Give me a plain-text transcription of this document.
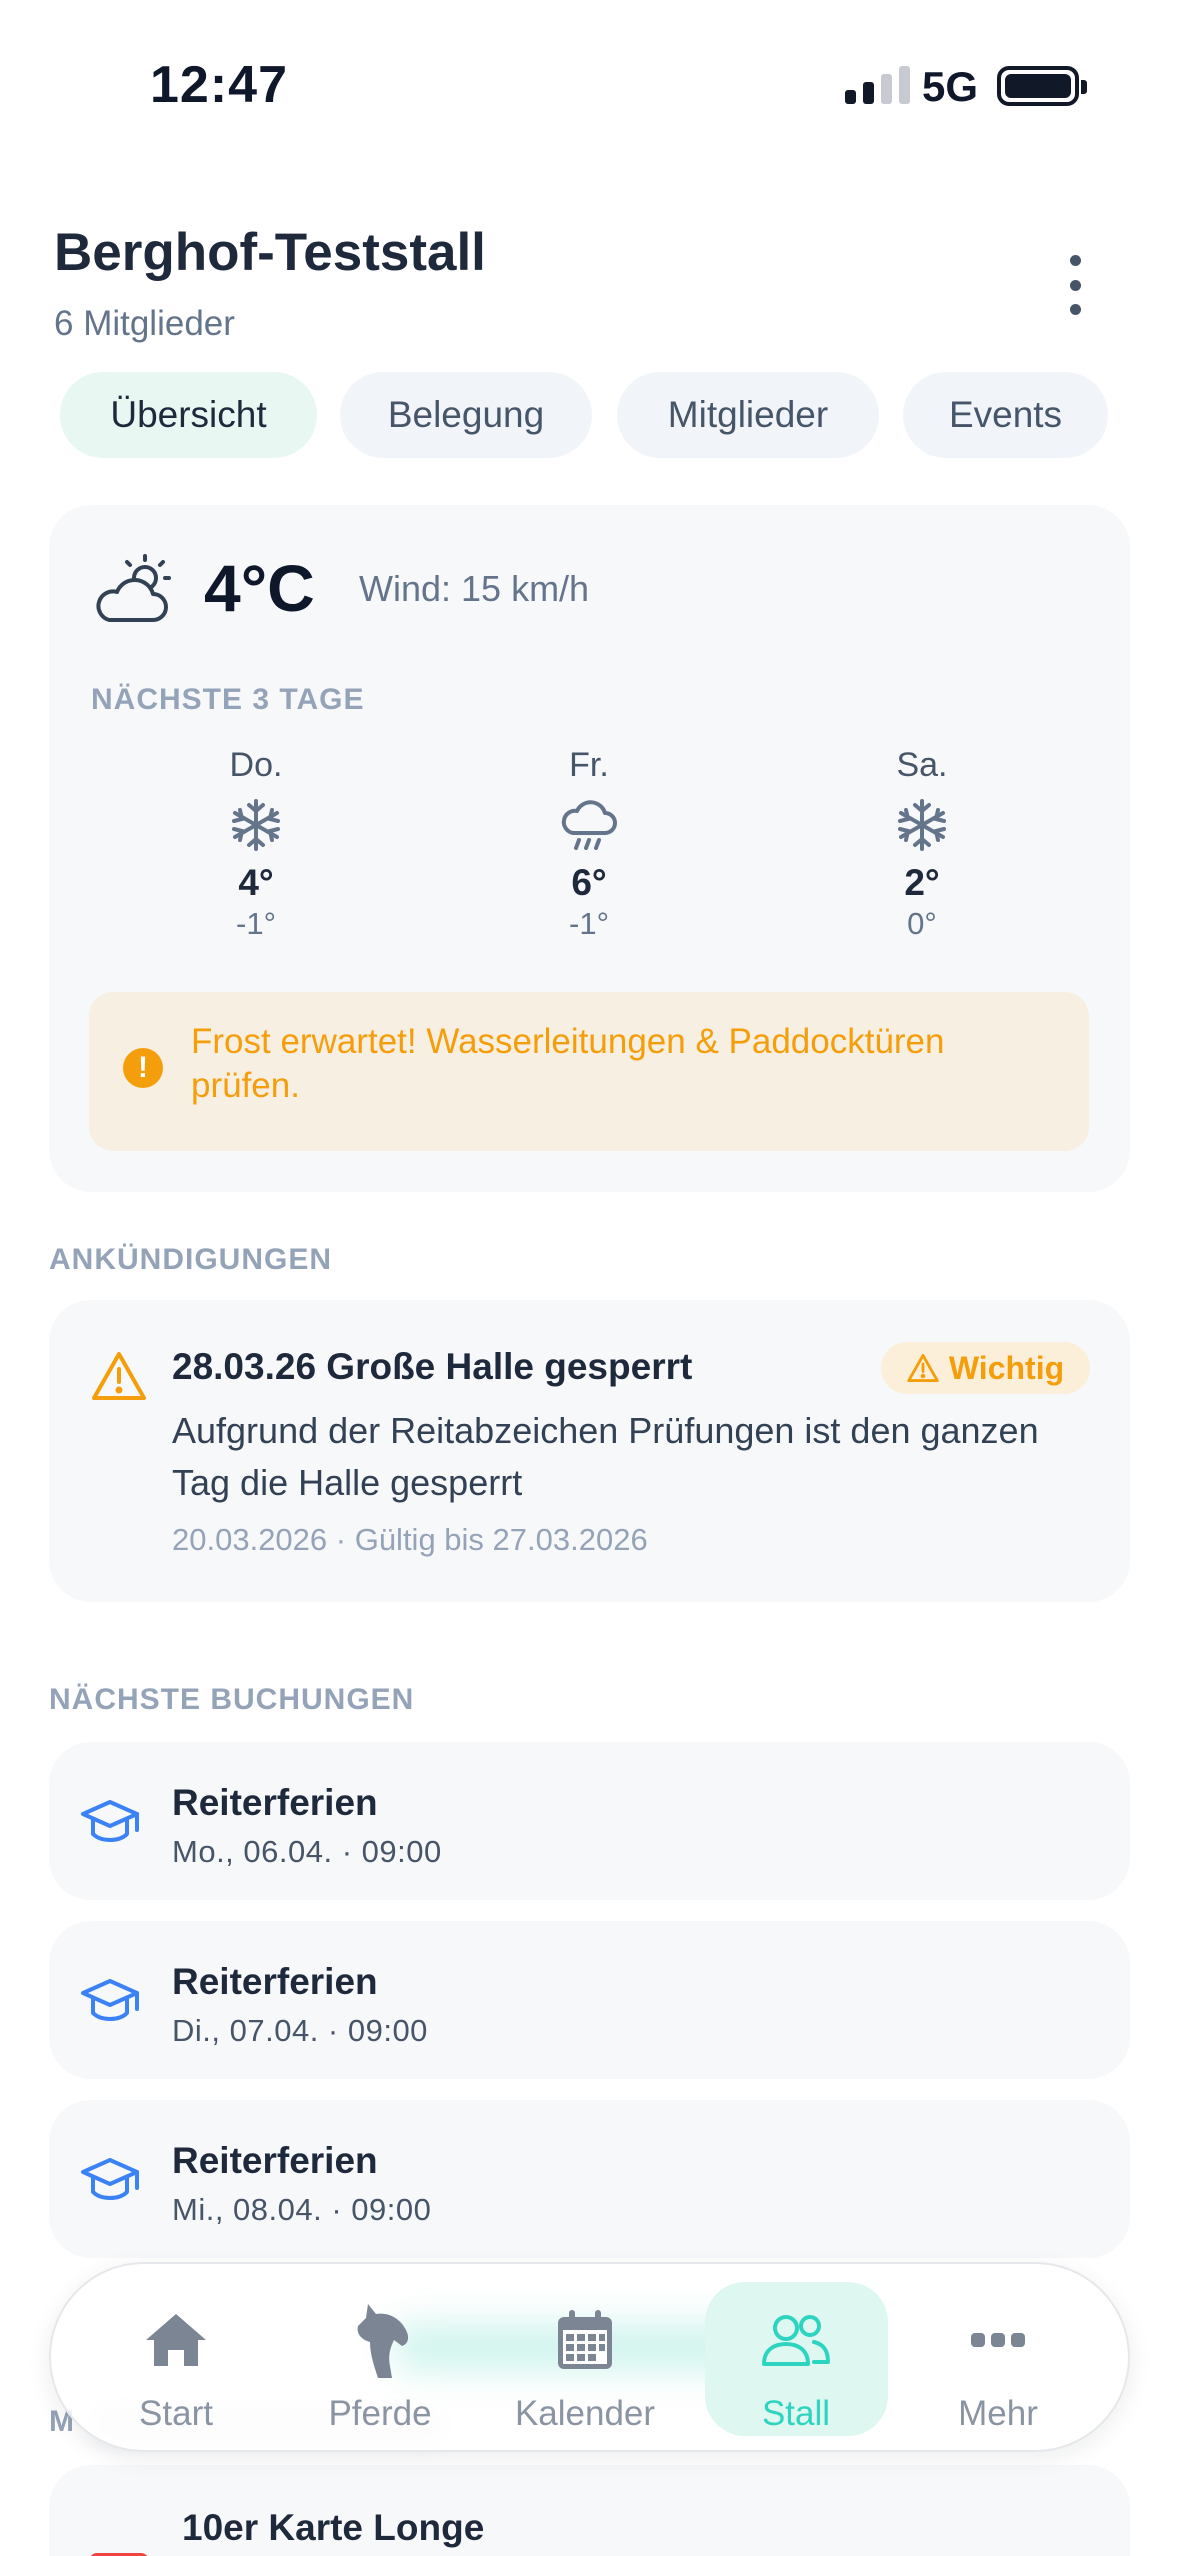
12:47	5G
Berghof-Teststall
6 Mitglieder
Übersicht	Belegung	Mitglieder	Events
4°C Wind: 15 km/h
NÄCHSTE 3 TAGE
Do.
4°
-1°
Fr.
6°
-1°
Sa.
2°
0°
!
Frost erwartet! Wasserleitungen & Paddocktüren prüfen.
ANKÜNDIGUNGEN
28.03.26 Große Halle gesperrt	Wichtig
Aufgrund der Reitabzeichen Prüfungen ist den ganzen Tag die Halle gesperrt
20.03.2026 · Gültig bis 27.03.2026
NÄCHSTE BUCHUNGEN
Reiterferien
Mo., 06.04. · 09:00
Reiterferien
Di., 07.04. · 09:00
Reiterferien
Mi., 08.04. · 09:00
M
10er Karte Longe
Start	Pferde	Kalender	Stall	Mehr
